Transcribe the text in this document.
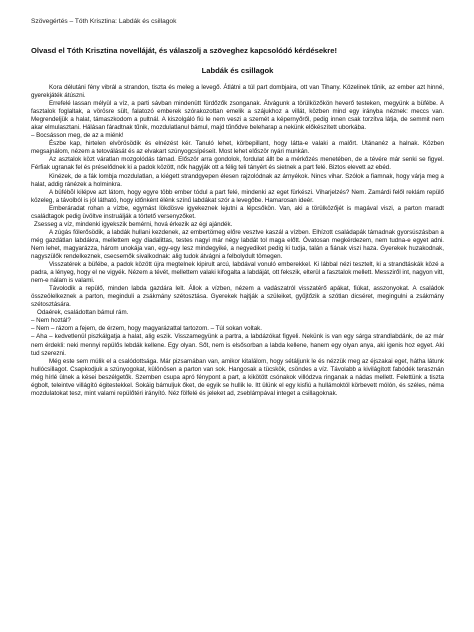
Szövegértés – Tóth Krisztina: Labdák és csillagok
Olvasd el Tóth Krisztina novelláját, és válaszolj a szöveghez kapcsolódó kérdésekre!
Labdák és csillagok

Kora délutáni fény vibrál a strandon, tiszta és meleg a levegő. Átlátni a túl part dombjaira, ott van Tihany. Közelinek tűnik, az ember azt hinné, gyerekjáték átúszni.

Errefelé lassan mélyül a víz, a parti sávban mindenütt fürdőzők zsonganak. Átvágunk a törülközőkön heverő testeken, megyünk a büfébe. A fasztalok foglaltak, a vörösre sült, falatozó emberek szórakozottan emelik a szájukhoz a villát, közben mind egy irányba néznek: meccs van. Megrendeljük a halat, támaszkodom a pultnál. A kiszolgáló fiú le nem veszi a szemét a képernyőről, pedig innen csak torzítva látja, de semmit nem akar elmulasztani. Hálásan fáradtnak tűnik, mozdulatlanul bámul, majd tűnődve beleharap a nekünk előkészített uborkába.

– Bocsásson meg, de az a miénk!

Észbe kap, hirtelen elvörösödik és elnézést kér. Tanuló lehet, körbepillant, hogy látta-e valaki a malőrt. Utánanéz a halnak. Közben megsajnálom, nézem a tetoválását és az elvakart szúnyogcsípéseit. Most lehet először nyári munkán.

Az asztalok közt váratlan mozgolódás támad. Először arra gondolok, fordulat állt be a mérkőzés menetében, de a tévére már senki se figyel. Férfiak ugranak fel és préselődnek ki a padok között, nők hagyják ott a félig teli tányért és sietnek a part felé. Biztos elevett az ebéd.

Kinézek, de a fák lombja mozdulatlan, a kiégett strandgyepen élesen rajzolódnak az árnyékok. Nincs vihar. Szólok a fiamnak, hogy várja meg a halat, addig ránézek a holminkra.

A büfébõl kilépve azt látom, hogy egyre több ember tódul a part felé, mindenki az eget fürkészi. Viharjelzés? Nem. Zamárdi felől reklám repülő közeleg, a távolból is jól látható, hogy időnként élénk színű labdákat szór a levegőbe. Hamarosan ideér.

Emberáradat rohan a vízbe, egymást lökdösve igyekeznek lejutni a lépcsőkön. Van, aki a törülközőjét is magával viszi, a parton maradt családtagok pedig üvöltve instruálják a törtető versenyzőket.

Zsesseg a víz, mindenki igyekszik bemérni, hová érkezik az égi ajándék.

A zúgás fölerősödik, a labdák hullani kezdenek, az embertömeg előre vesztve kaszál a vízben. Elhízott családapák támadnak gyorsúszásban a még gazdátlan labdákra, mellettem egy diadalittas, testes nagyi már négy labdát tol maga előtt. Óvatosan megkérdezem, nem tudna-e egyet adni. Nem lehet, magyarázza, három unokája van, egy-egy lesz mindegyiké, a negyediket pedig ki tudja, talán a fiának viszi haza. Gyerekek huzakodnak, nagyszülők rendelkeznek, csecsemők sivalkodnak: alig tudok átvágni a felbolydult tömegen.

Visszatérek a büfébe, a padok között újra megtelnek kipirult arcú, labdával vonuló emberekkel. Ki lábbal nézi tesztelt, ki a strandtáskák közé a padra, a lényeg, hogy el ne vigyék. Nézem a tévét, mellettem valaki kifogalta a labdáját, ott fekszik, elterül a fasztalok mellett. Messziről int, nagyon vitt, nem-e nálam is valami.

Távolodik a repülő, minden labda gazdára lelt. Állok a vízben, nézem a vadászatról visszatérő apákat, fiúkat, asszonyokat. A családok összeölelkeznek a parton, meginduli a zsákmány szétosztása. Gyerekek hajtják a szüleiket, gyűjtőzik a szótlan dicséret, megingulni a zsákmány szétosztására.

Odaérek, családottan bámul rám.

– Nem hoztál?

– Nem – rázom a fejem, de érzem, hogy magyarázattal tartozom. – Túl sokan voltak.

– Aha – kedvetlenül piszkálgatja a halat, alig eszik. Visszamegyünk a partra, a labdázókat figyeli. Nekünk is van egy sárga strandlabdánk, de az már nem érdekli: neki mennyi repülős lebdák kellene. Egy olyan. Sőt, nem is elsősorban a labda kellene, hanem egy olyan anya, aki igenis hoz egyet. Aki tud szerezni.

Még este sem múlik el a csalódottsága. Már pizsamában van, amikor kitalálom, hogy sétáljunk le és nézzük meg az éjszakai eget, hátha látunk hullócsillagot. Csapkodjuk a szúnyogokat, különösen a parton van sok. Hangosak a tücskök, csöndes a víz. Távolabb a kivilágított fabódék terasznán még hírlé ülnek a kései beszélgetők. Szemben csupa apró fénypont a part, a kikötött csónakok villódzva ringanak a nádas mellett. Felettünk a tiszta égbolt, teleintve villágító égitestekkel. Sokáig bámuljuk őket, de egyik se hullik le. Itt ülünk el egy kisfiú a hullámoktól körbevett mólón, és széles, néma mozdulatokat tesz, mint valami repülőtéri irányító. Néz fölfelé és jeleket ad, zseblámpával integet a csillagoknak.
